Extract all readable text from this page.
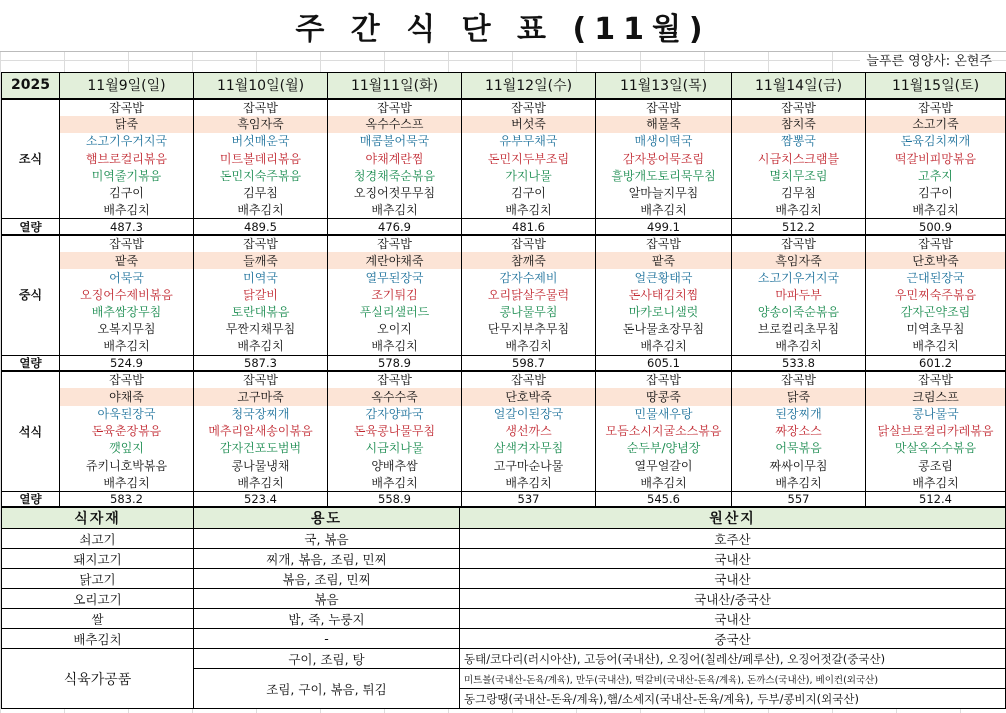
주 간 식 단 표 (11월)
늘푸른 영양사: 온현주
2025	11월9일(일)	11월10일(월)	11월11일(화)	11월12일(수)	11월13일(목)	11월14일(금)	11월15일(토)
조식	잡곡밥	잡곡밥	잡곡밥	잡곡밥	잡곡밥	잡곡밥	잡곡밥
	닭죽	흑임자죽	옥수수스프	버섯죽	해물죽	참치죽	소고기죽
	소고기우거지국	버섯매운국	매콤불어묵국	유부무채국	매생이떡국	짬뽕국	돈육김치찌개
	햄브로컬리볶음	미트볼데리볶음	야채계란찜	돈민지두부조림	감자봉어묵조림	시금치스크램블	떡갈비피망볶음
	미역줄기볶음	돈민지숙주볶음	청경채죽순볶음	가지나물	흘방개도토리묵무침	멸치무조림	고추지
	김구이	김무침	오징어젓무무침	김구이	알마늘지무침	김무침	김구이
	배추김치	배추김치	배추김치	배추김치	배추김치	배추김치	배추김치
열량	487.3	489.5	476.9	481.6	499.1	512.2	500.9
중식	잡곡밥	잡곡밥	잡곡밥	잡곡밥	잡곡밥	잡곡밥	잡곡밥
	팥죽	들깨죽	계란야채죽	참깨죽	팥죽	흑임자죽	단호박죽
	어묵국	미역국	열무된장국	감자수제비	얼큰황태국	소고기우거지국	근대된장국
	오징어수제비볶음	닭갈비	조기튀김	오리닭살주물럭	돈사태김치찜	마파두부	우민찌숙주볶음
	배추쌈장무침	토란대볶음	푸실리샐러드	콩나물무침	마카로니샐럿	양송이죽순볶음	감자곤약조림
	오복지무침	무짠지채무침	오이지	단무지부추무침	돈나물초장무침	브로컬리초무침	미역초무침
	배추김치	배추김치	배추김치	배추김치	배추김치	배추김치	배추김치
열량	524.9	587.3	578.9	598.7	605.1	533.8	601.2
석식	잡곡밥	잡곡밥	잡곡밥	잡곡밥	잡곡밥	잡곡밥	잡곡밥
	야채죽	고구마죽	옥수수죽	단호박죽	땅콩죽	닭죽	크림스프
	아욱된장국	청국장찌개	감자양파국	얼갈이된장국	민물새우탕	된장찌개	콩나물국
	돈육춘장볶음	메추리알새송이볶음	돈육콩나물무침	생선까스	모듬소시지굴소스볶음	짜장소스	닭살브로컬리카레볶음
	깻잎지	감자건포도범벅	시금치나물	삼색겨자무침	순두부/양념장	어묵볶음	맛살옥수수볶음
	쥬키니호박볶음	콩나물냉채	양배추쌈	고구마순나물	열무얼갈이	짜싸이무침	콩조림
	배추김치	배추김치	배추김치	배추김치	배추김치	배추김치	배추김치
열량	583.2	523.4	558.9	537	545.6	557	512.4
식자재	용도	원산지
쇠고기	국, 볶음	호주산
돼지고기	찌개, 볶음, 조림, 민찌	국내산
닭고기	볶음, 조림, 민찌	국내산
오리고기	볶음	국내산/중국산
쌀	밥, 죽, 누룽지	국내산
배추김치	-	중국산
식육가공품	구이, 조림, 탕	동태/코다리(러시아산), 고등어(국내산), 오징어(칠레산/페루산), 오징어젓갈(중국산)
	조림, 구이, 볶음, 튀김	미트볼(국내산-돈육/계육), 만두(국내산), 떡갈비(국내산-돈육/계육), 돈까스(국내산), 베이컨(외국산)
		동그랑땡(국내산-돈육/계육),햄/소세지(국내산-돈육/계육), 두부/콩비지(외국산)
